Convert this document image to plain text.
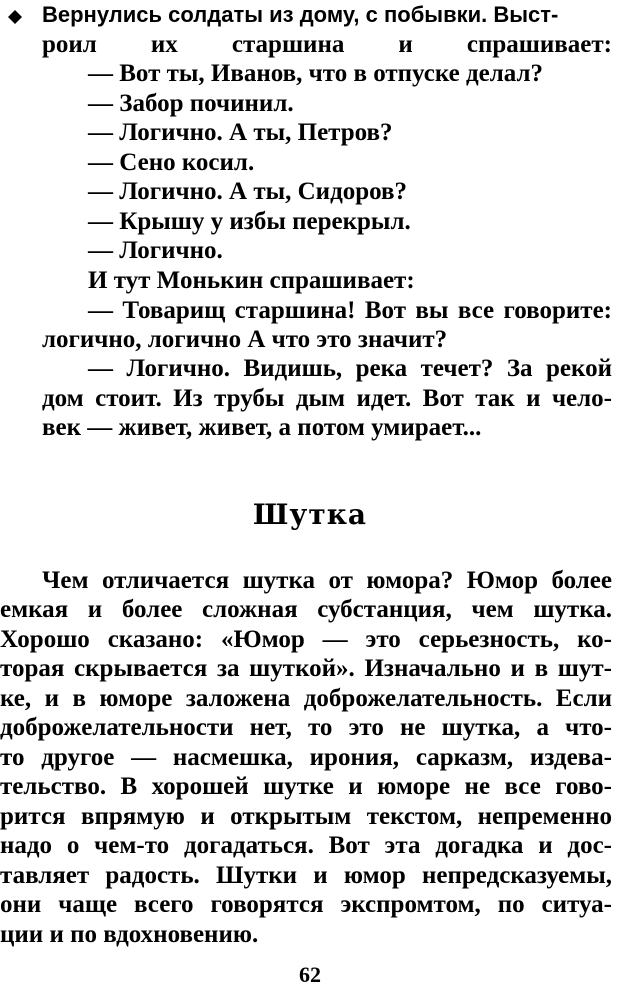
Вернулись солдаты из дому, с побывки. Выст-
роил их старшина и спрашивает:
— Вот ты, Иванов, что в отпуске делал?
— Забор починил.
— Логично. А ты, Петров?
— Сено косил.
— Логично. А ты, Сидоров?
— Крышу у избы перекрыл.
— Логично.
И тут Монькин спрашивает:
— Товарищ старшина! Вот вы все говорите:
логично, логично А что это значит?
— Логично. Видишь, река течет? За рекой
дом стоит. Из трубы дым идет. Вот так и чело-
век — живет, живет, а потом умирает...
Шутка
Чем отличается шутка от юмора? Юмор более
емкая и более сложная субстанция, чем шутка.
Хорошо сказано: «Юмор — это серьезность, ко-
торая скрывается за шуткой». Изначально и в шут-
ке, и в юморе заложена доброжелательность. Если
доброжелательности нет, то это не шутка, а что-
то другое — насмешка, ирония, сарказм, издева-
тельство. В хорошей шутке и юморе не все гово-
рится впрямую и открытым текстом, непременно
надо о чем-то догадаться. Вот эта догадка и дос-
тавляет радость. Шутки и юмор непредсказуемы,
они чаще всего говорятся экспромтом, по ситуа-
ции и по вдохновению.
62
